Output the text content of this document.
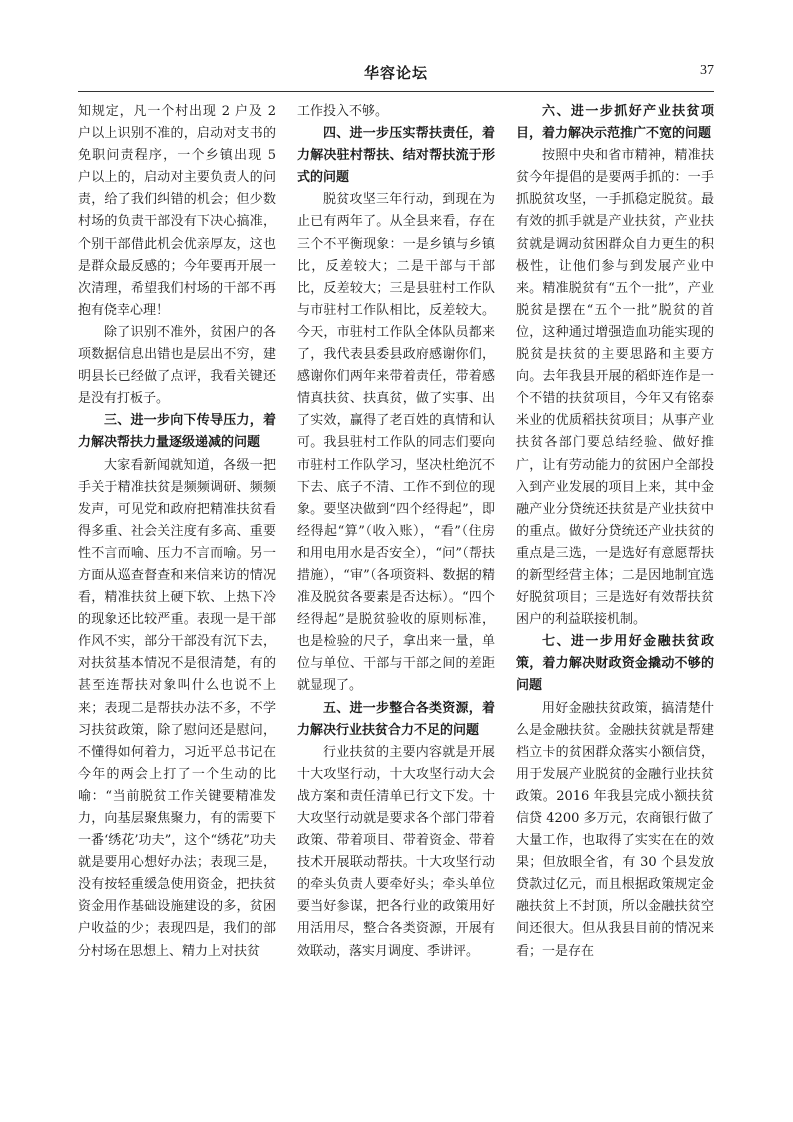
华容论坛	37

知规定，凡一个村出现 2 户及 2 户以上识别不准的，启动对支书的免职问责程序，一个乡镇出现 5 户以上的，启动对主要负责人的问责，给了我们纠错的机会；但少数村场的负责干部没有下决心搞准，个别干部借此机会优亲厚友，这也是群众最反感的；今年要再开展一次清理，希望我们村场的干部不再抱有侥幸心理！

除了识别不准外，贫困户的各项数据信息出错也是层出不穷，建明县长已经做了点评，我看关键还是没有打板子。

三、进一步向下传导压力，着力解决帮扶力量逐级递减的问题

大家看新闻就知道，各级一把手关于精准扶贫是频频调研、频频发声，可见党和政府把精准扶贫看得多重、社会关注度有多高、重要性不言而喻、压力不言而喻。另一方面从巡查督查和来信来访的情况看，精准扶贫上硬下软、上热下冷的现象还比较严重。表现一是干部作风不实，部分干部没有沉下去，对扶贫基本情况不是很清楚，有的甚至连帮扶对象叫什么也说不上来；表现二是帮扶办法不多，不学习扶贫政策，除了慰问还是慰问，不懂得如何着力，习近平总书记在今年的两会上打了一个生动的比喻：“当前脱贫工作关键要精准发力，向基层聚焦聚力，有的需要下一番‘绣花’功夫”，这个“绣花”功夫就是要用心想好办法；表现三是，没有按轻重缓急使用资金，把扶贫资金用作基础设施建设的多，贫困户收益的少；表现四是，我们的部分村场在思想上、精力上对扶贫

工作投入不够。

四、进一步压实帮扶责任，着力解决驻村帮扶、结对帮扶流于形式的问题

脱贫攻坚三年行动，到现在为止已有两年了。从全县来看，存在三个不平衡现象：一是乡镇与乡镇比，反差较大；二是干部与干部比，反差较大；三是县驻村工作队与市驻村工作队相比，反差较大。今天，市驻村工作队全体队员都来了，我代表县委县政府感谢你们，感谢你们两年来带着责任，带着感情真扶贫、扶真贫，做了实事、出了实效，赢得了老百姓的真情和认可。我县驻村工作队的同志们要向市驻村工作队学习，坚决杜绝沉不下去、底子不清、工作不到位的现象。要坚决做到“四个经得起”，即经得起“算”（收入账），“看”（住房和用电用水是否安全），“问”（帮扶措施），“审”（各项资料、数据的精准及脱贫各要素是否达标）。“四个经得起”是脱贫验收的原则标准，也是检验的尺子，拿出来一量，单位与单位、干部与干部之间的差距就显现了。

五、进一步整合各类资源，着力解决行业扶贫合力不足的问题

行业扶贫的主要内容就是开展十大攻坚行动，十大攻坚行动大会战方案和责任清单已行文下发。十大攻坚行动就是要求各个部门带着政策、带着项目、带着资金、带着技术开展联动帮扶。十大攻坚行动的牵头负责人要牵好头；牵头单位要当好参谋，把各行业的政策用好用活用尽，整合各类资源，开展有效联动，落实月调度、季讲评。

六、进一步抓好产业扶贫项目，着力解决示范推广不宽的问题

按照中央和省市精神，精准扶贫今年提倡的是要两手抓的：一手抓脱贫攻坚，一手抓稳定脱贫。最有效的抓手就是产业扶贫，产业扶贫就是调动贫困群众自力更生的积极性，让他们参与到发展产业中来。精准脱贫有“五个一批”，产业脱贫是摆在“五个一批”脱贫的首位，这种通过增强造血功能实现的脱贫是扶贫的主要思路和主要方向。去年我县开展的稻虾连作是一个不错的扶贫项目，今年又有铭泰米业的优质稻扶贫项目；从事产业扶贫各部门要总结经验、做好推广，让有劳动能力的贫困户全部投入到产业发展的项目上来，其中金融产业分贷统还扶贫是产业扶贫中的重点。做好分贷统还产业扶贫的重点是三选，一是选好有意愿帮扶的新型经营主体；二是因地制宜选好脱贫项目；三是选好有效帮扶贫困户的利益联接机制。

七、进一步用好金融扶贫政策，着力解决财政资金撬动不够的问题

用好金融扶贫政策，搞清楚什么是金融扶贫。金融扶贫就是帮建档立卡的贫困群众落实小额信贷，用于发展产业脱贫的金融行业扶贫政策。2016 年我县完成小额扶贫信贷 4200 多万元，农商银行做了大量工作，也取得了实实在在的效果；但放眼全省，有 30 个县发放贷款过亿元，而且根据政策规定金融扶贫上不封顶，所以金融扶贫空间还很大。但从我县目前的情况来看；一是存在
